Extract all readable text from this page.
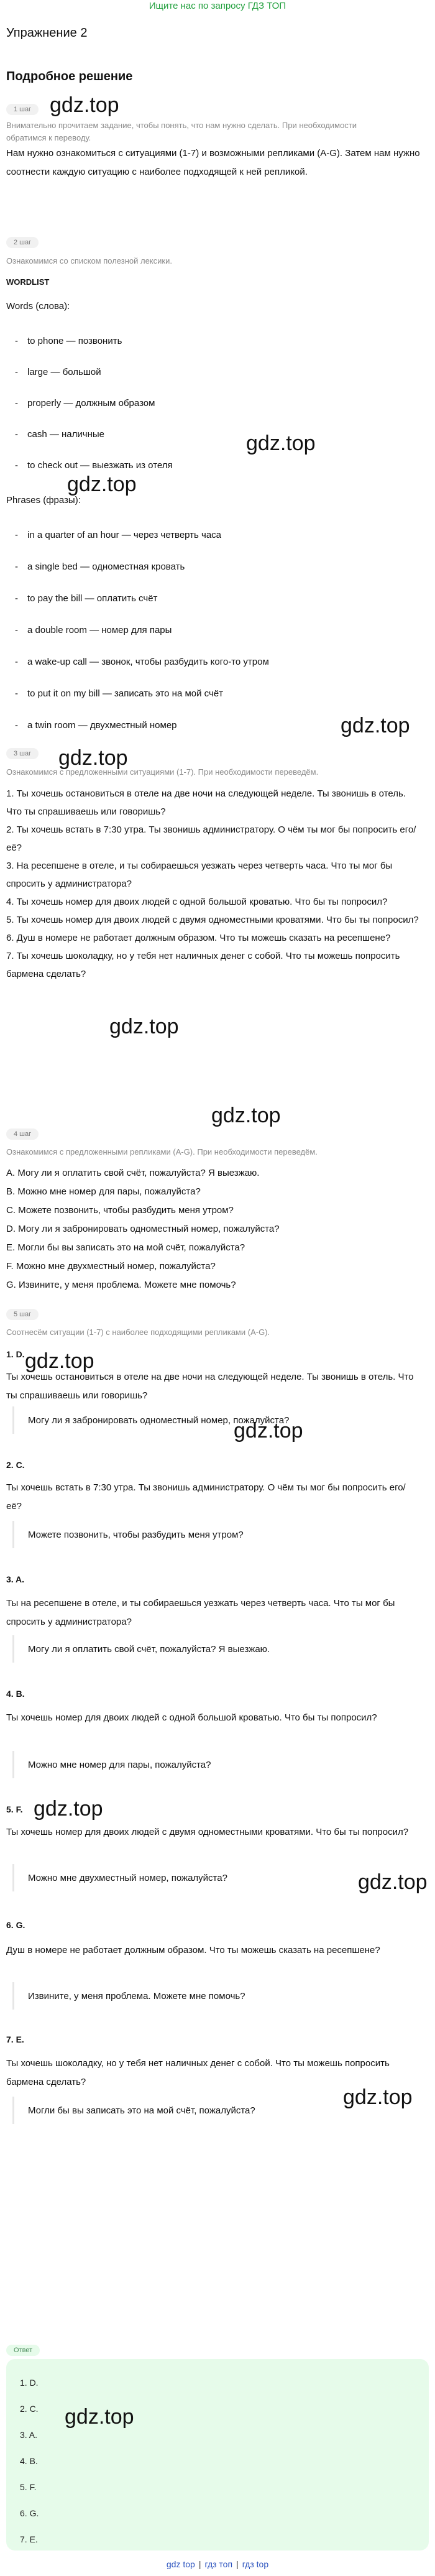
Ищите нас по запросу ГДЗ ТОП
Упражнение 2
Подробное решение
1 шаг
Внимательно прочитаем задание, чтобы понять, что нам нужно сделать. При необходимости обратимся к переводу.
Нам нужно ознакомиться с ситуациями (1-7) и возможными репликами (A-G). Затем нам нужно соотнести каждую ситуацию с наиболее подходящей к ней репликой.
2 шаг
Ознакомимся со списком полезной лексики.
WORDLIST
Words (слова):
-	to phone — позвонить
-	large — большой
-	properly — должным образом
-	cash — наличные
-	to check out — выезжать из отеля
Phrases (фразы):
-	in a quarter of an hour — через четверть часа
-	a single bed — одноместная кровать
-	to pay the bill — оплатить счёт
-	a double room — номер для пары
-	a wake-up call — звонок, чтобы разбудить кого-то утром
-	to put it on my bill — записать это на мой счёт
-	a twin room — двухместный номер
3 шаг
Ознакомимся с предложенными ситуациями (1-7). При необходимости переведём.
1. Ты хочешь остановиться в отеле на две ночи на следующей неделе. Ты звонишь в отель. Что ты спрашиваешь или говоришь?
2. Ты хочешь встать в 7:30 утра. Ты звонишь администратору. О чём ты мог бы попросить его/её?
3. На ресепшене в отеле, и ты собираешься уезжать через четверть часа. Что ты мог бы спросить у администратора?
4. Ты хочешь номер для двоих людей с одной большой кроватью. Что бы ты попросил?
5. Ты хочешь номер для двоих людей с двумя одноместными кроватями. Что бы ты попросил?
6. Душ в номере не работает должным образом. Что ты можешь сказать на ресепшене?
7. Ты хочешь шоколадку, но у тебя нет наличных денег с собой. Что ты можешь попросить бармена сделать?
4 шаг
Ознакомимся с предложенными репликами (A-G). При необходимости переведём.
A. Могу ли я оплатить свой счёт, пожалуйста? Я выезжаю.
B. Можно мне номер для пары, пожалуйста?
C. Можете позвонить, чтобы разбудить меня утром?
D. Могу ли я забронировать одноместный номер, пожалуйста?
E. Могли бы вы записать это на мой счёт, пожалуйста?
F. Можно мне двухместный номер, пожалуйста?
G. Извините, у меня проблема. Можете мне помочь?
5 шаг
Соотнесём ситуации (1-7) с наиболее подходящими репликами (A-G).
1. D.
Ты хочешь остановиться в отеле на две ночи на следующей неделе. Ты звонишь в отель. Что ты спрашиваешь или говоришь?
Могу ли я забронировать одноместный номер, пожалуйста?
2. C.
Ты хочешь встать в 7:30 утра. Ты звонишь администратору. О чём ты мог бы попросить его/её?
Можете позвонить, чтобы разбудить меня утром?
3. A.
Ты на ресепшене в отеле, и ты собираешься уезжать через четверть часа. Что ты мог бы спросить у администратора?
Могу ли я оплатить свой счёт, пожалуйста? Я выезжаю.
4. B.
Ты хочешь номер для двоих людей с одной большой кроватью. Что бы ты попросил?
Можно мне номер для пары, пожалуйста?
5. F.
Ты хочешь номер для двоих людей с двумя одноместными кроватями. Что бы ты попросил?
Можно мне двухместный номер, пожалуйста?
6. G.
Душ в номере не работает должным образом. Что ты можешь сказать на ресепшене?
Извините, у меня проблема. Можете мне помочь?
7. E.
Ты хочешь шоколадку, но у тебя нет наличных денег с собой. Что ты можешь попросить бармена сделать?
Могли бы вы записать это на мой счёт, пожалуйста?
Ответ
1. D.
2. C.
3. A.
4. B.
5. F.
6. G.
7. E.
gdz.top
gdz.top
gdz.top
gdz.top
gdz.top
gdz.top
gdz.top
gdz.top
gdz.top
gdz.top
gdz.top
gdz.top
gdz.top
gdz top | гдз топ | гдз top
